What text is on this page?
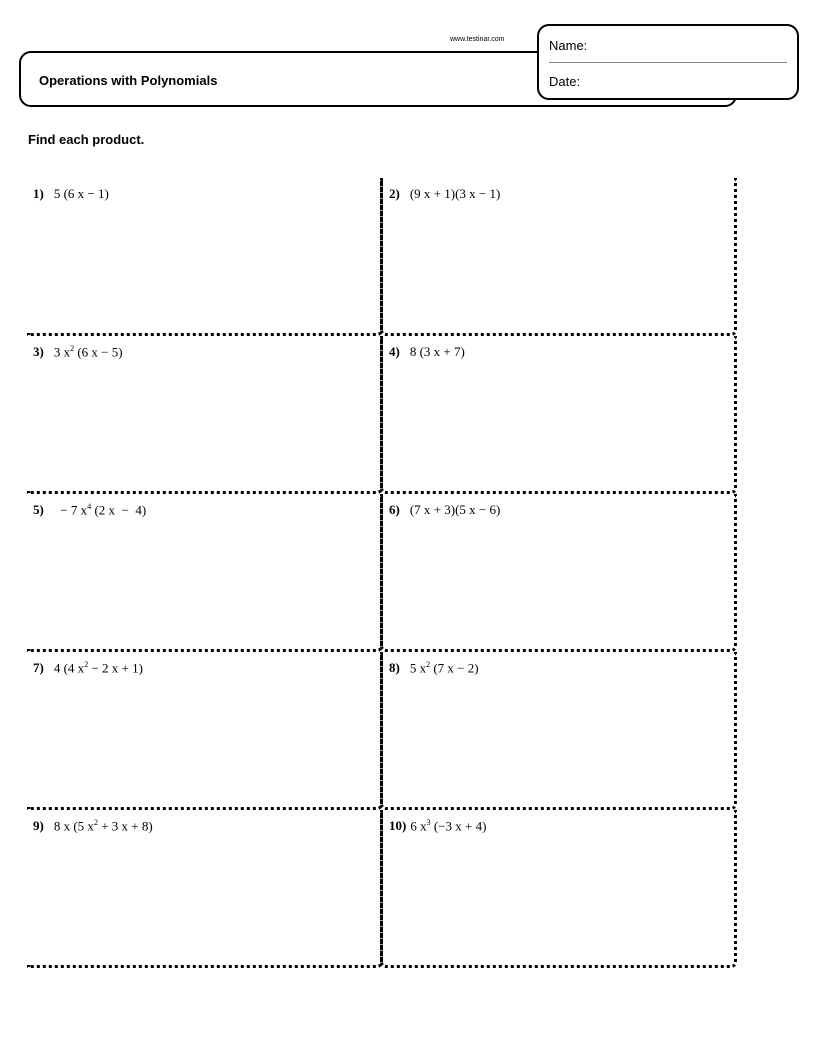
www.testinar.com
Operations with Polynomials
Name:
Date:
Find each product.
1) 5 (6 x − 1)	2) (9 x + 1)(3 x − 1)
3) 3 $x^2$ (6 x − 5)	4) 8 (3 x + 7)
5)  − 7 $x^4$ (2 x  −  4)	6) (7 x + 3)(5 x − 6)
7) 4 (4 $x^2 - 2$ x + 1)	8) 5 $x^2$ (7 x − 2)
9) 8 x (5 $x^2 + 3$ x + 8)	10) 6 $x^3$ (−3 x + 4)
